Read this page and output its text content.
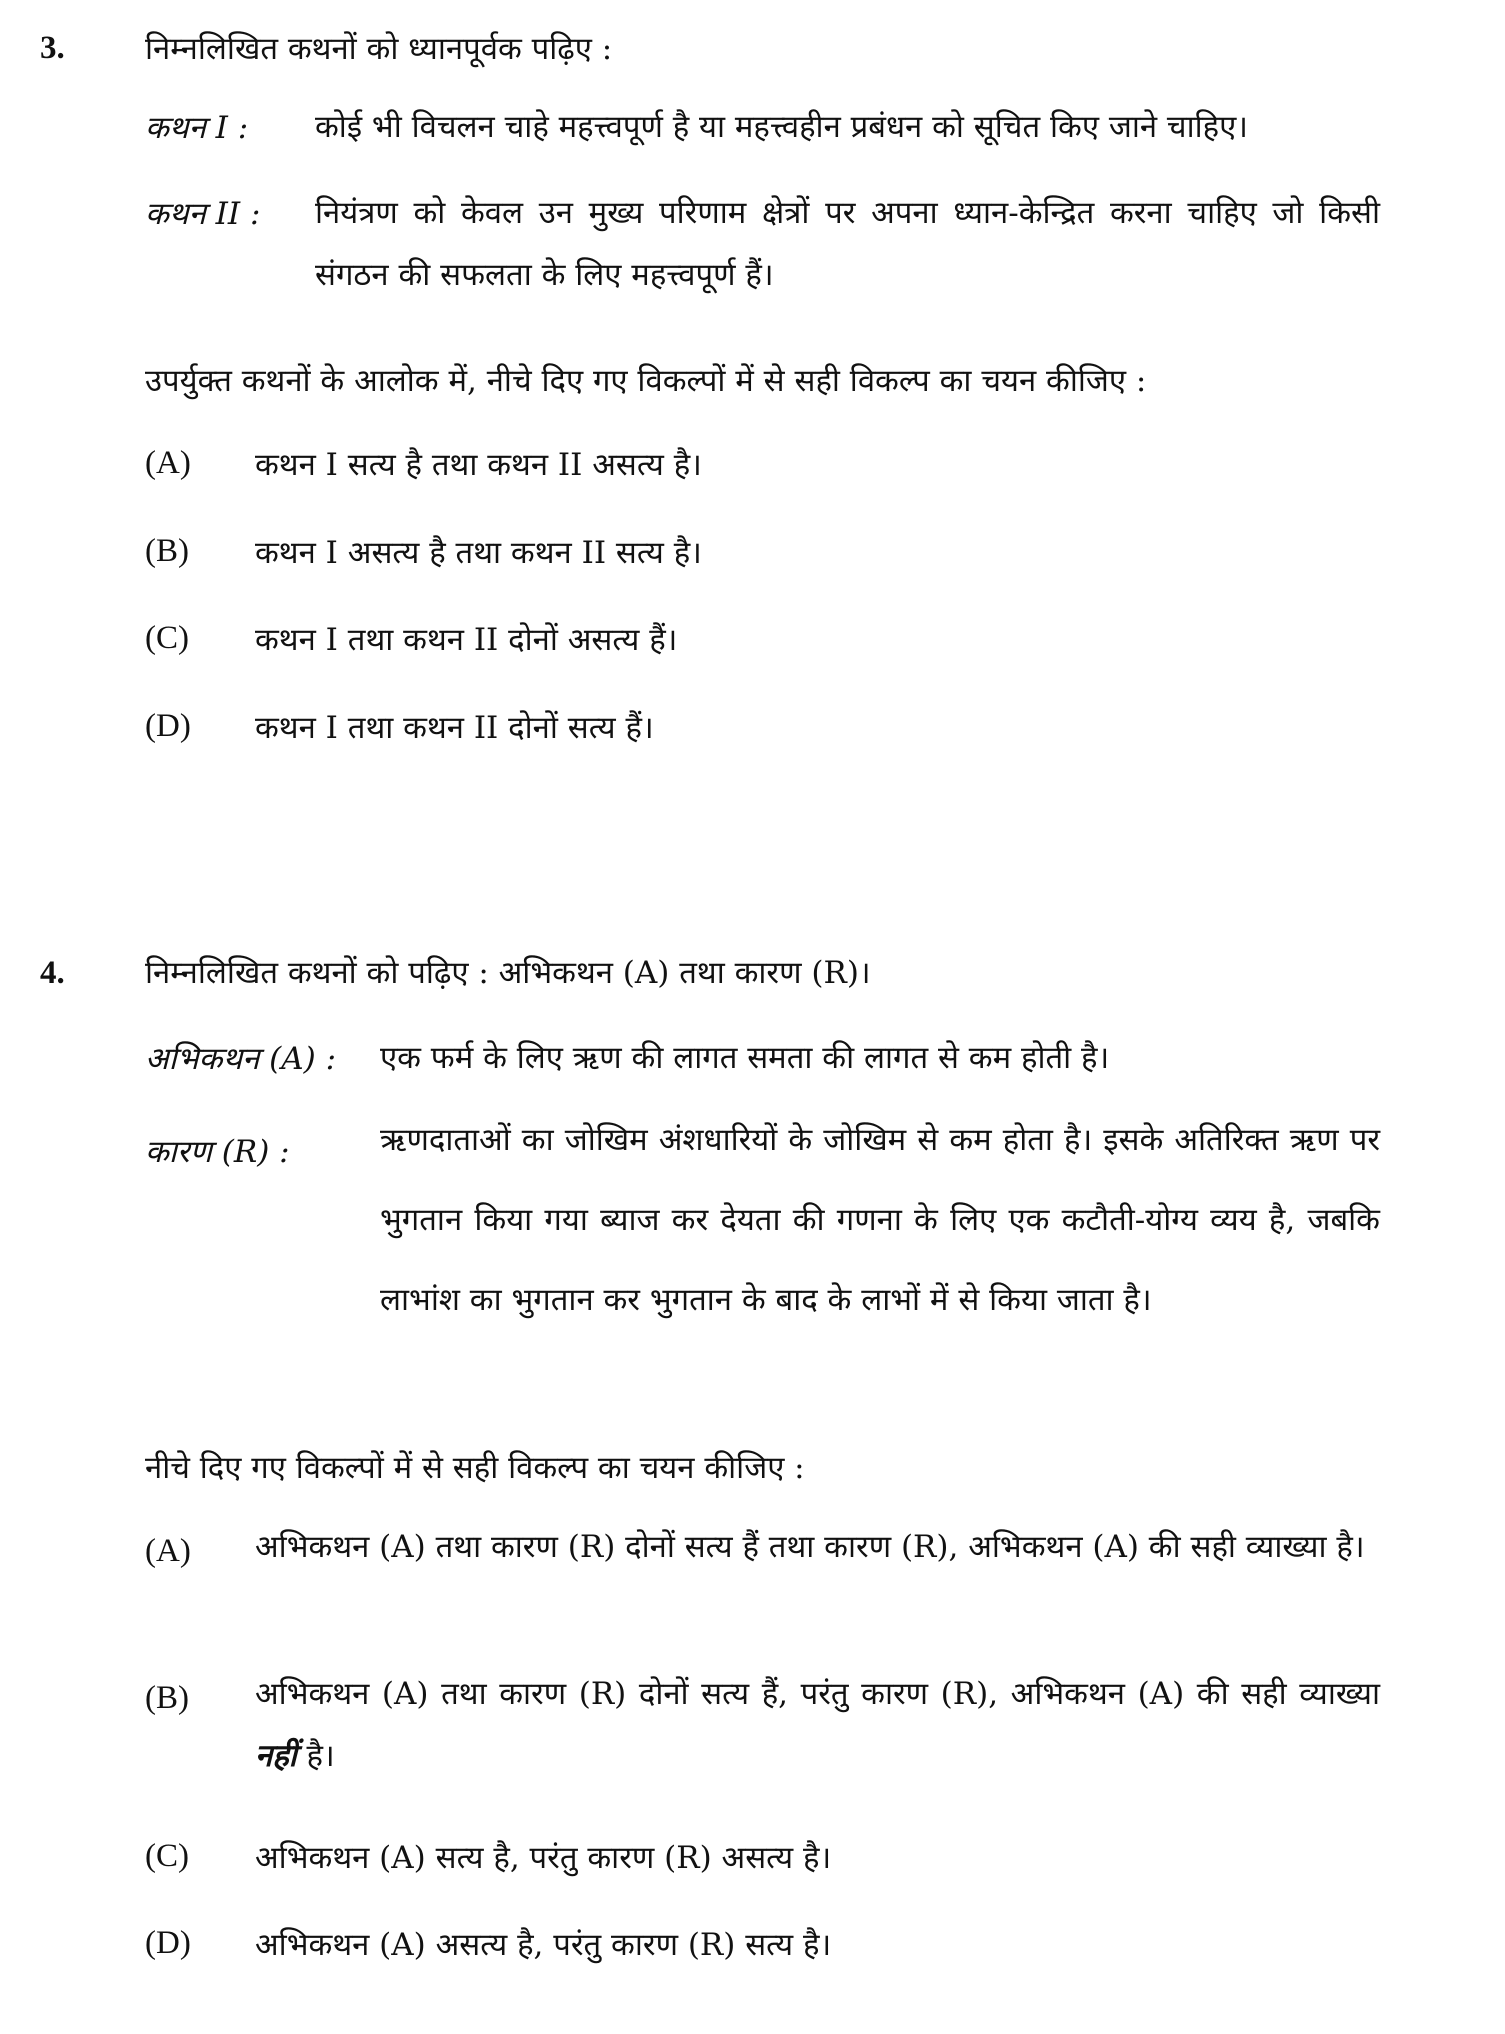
3.	निम्नलिखित कथनों को ध्यानपूर्वक पढ़िए :
कथन I : कोई भी विचलन चाहे महत्त्वपूर्ण है या महत्त्वहीन प्रबंधन को सूचित किए जाने चाहिए।
कथन II : नियंत्रण को केवल उन मुख्य परिणाम क्षेत्रों पर अपना ध्यान-केन्द्रित करना चाहिए जो किसी संगठन की सफलता के लिए महत्त्वपूर्ण हैं।
उपर्युक्त कथनों के आलोक में, नीचे दिए गए विकल्पों में से सही विकल्प का चयन कीजिए :
(A) कथन I सत्य है तथा कथन II असत्य है।
(B) कथन I असत्य है तथा कथन II सत्य है।
(C) कथन I तथा कथन II दोनों असत्य हैं।
(D) कथन I तथा कथन II दोनों सत्य हैं।
4.	निम्नलिखित कथनों को पढ़िए : अभिकथन (A) तथा कारण (R)।
अभिकथन (A) : एक फर्म के लिए ऋण की लागत समता की लागत से कम होती है।
कारण (R) :	ऋणदाताओं का जोखिम अंशधारियों के जोखिम से कम होता है। इसके अतिरिक्त ऋण पर भुगतान किया गया ब्याज कर देयता की गणना के लिए एक कटौती-योग्य व्यय है, जबकि लाभांश का भुगतान कर भुगतान के बाद के लाभों में से किया जाता है।
नीचे दिए गए विकल्पों में से सही विकल्प का चयन कीजिए :
(A) अभिकथन (A) तथा कारण (R) दोनों सत्य हैं तथा कारण (R), अभिकथन (A) की सही व्याख्या है।
(B) अभिकथन (A) तथा कारण (R) दोनों सत्य हैं, परंतु कारण (R), अभिकथन (A) की सही व्याख्या नहीं है।
(C) अभिकथन (A) सत्य है, परंतु कारण (R) असत्य है।
(D) अभिकथन (A) असत्य है, परंतु कारण (R) सत्य है।
